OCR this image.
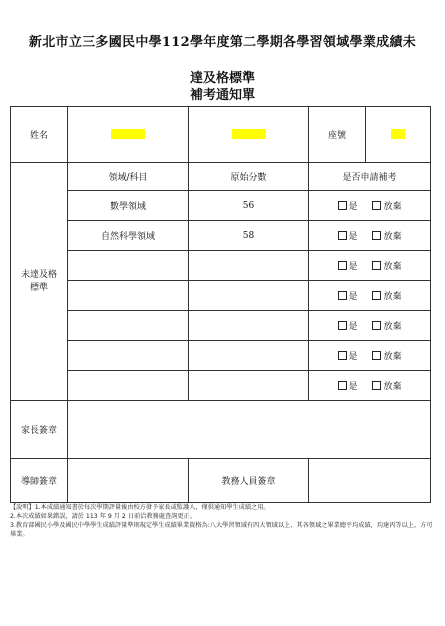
新北市立三多國民中學112學年度第二學期各學習領域學業成績未
達及格標準
補考通知單
姓名			座號	

未達及格標準	領域/科目	原始分數	是否申請補考	
	數學領域	56	是 放棄	
	自然科學領域	58	是 放棄	
			是 放棄	
			是 放棄	
			是 放棄	
			是 放棄	
			是 放棄	
家長簽章				
導師簽章		教務人員簽章		
【說明】1.本成績通知書於每次學期評量後由校方發予家長或監護人，僅供通知學生成績之用。
2.本次成績如果錯誤，請於 113 年 9 月 2 日前洽教務處查詢更正。
3.教育部國民小學及國民中學學生成績評量準則規定學生成績畢業資格為:八大學習領域有四大領域以上，其各領域之畢業總平均成績，均達丙等以上，方可畢業。
